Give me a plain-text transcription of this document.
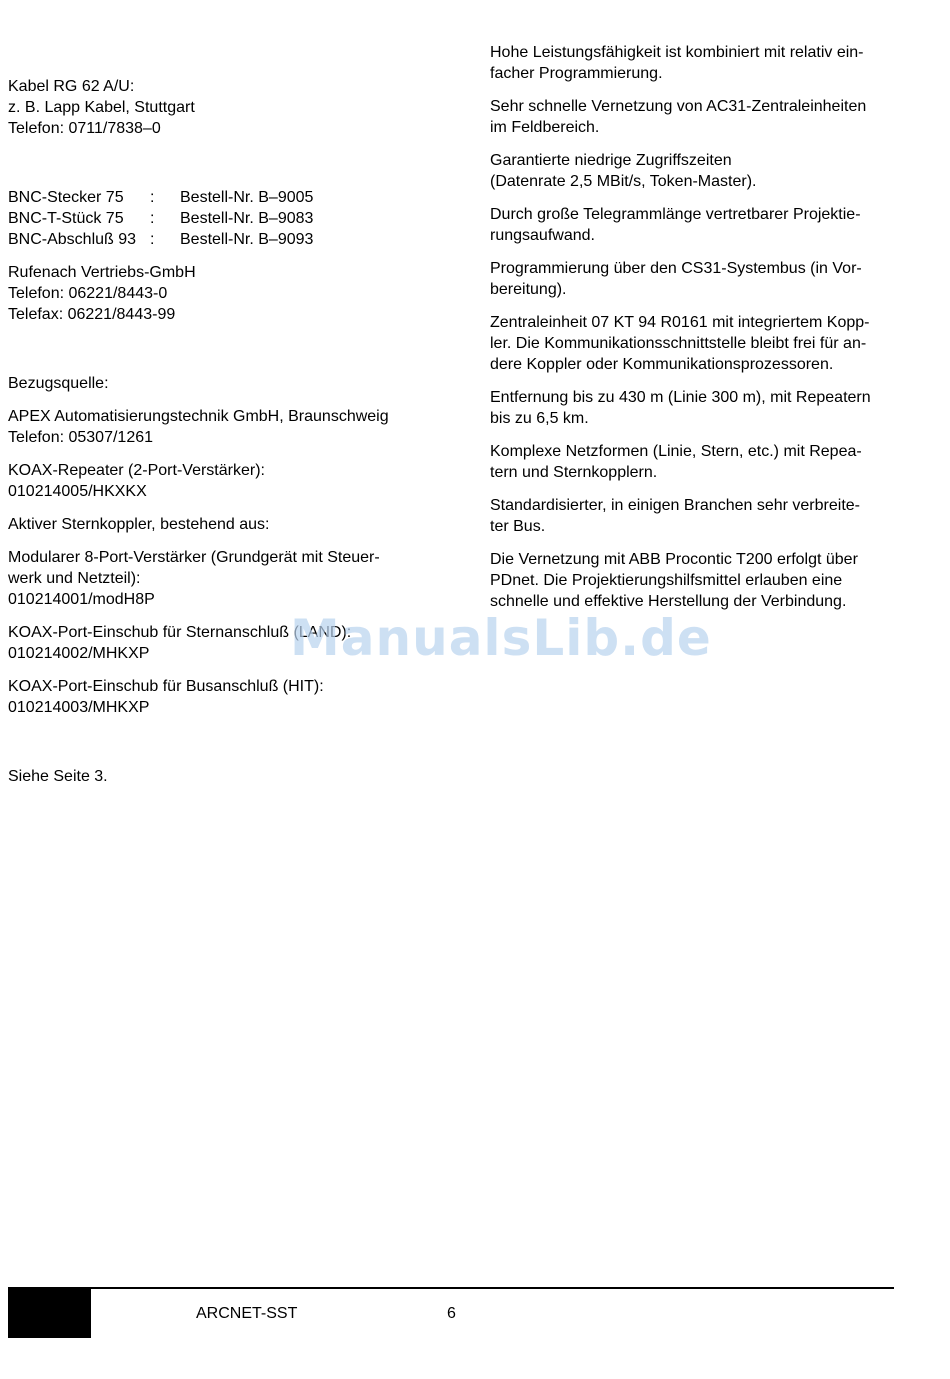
Kabel RG 62 A/U:
z. B. Lapp Kabel, Stuttgart
Telefon: 0711/7838–0
BNC-Stecker 75	:	Bestell-Nr. B–9005
BNC-T-Stück 75	:	Bestell-Nr. B–9083
BNC-Abschluß 93 :	Bestell-Nr. B–9093
Rufenach Vertriebs-GmbH
Telefon: 06221/8443-0
Telefax: 06221/8443-99
Bezugsquelle:
APEX Automatisierungstechnik GmbH, Braunschweig
Telefon: 05307/1261
KOAX-Repeater (2-Port-Verstärker):
010214005/HKXKX
Aktiver Sternkoppler, bestehend aus:
Modularer 8-Port-Verstärker (Grundgerät mit Steuer-
werk und Netzteil):
010214001/modH8P
KOAX-Port-Einschub für Sternanschluß (LAND):
010214002/MHKXP
KOAX-Port-Einschub für Busanschluß (HIT):
010214003/MHKXP
Siehe Seite 3.
Hohe Leistungsfähigkeit ist kombiniert mit relativ ein-
facher Programmierung.
Sehr schnelle Vernetzung von AC31-Zentraleinheiten
im Feldbereich.
Garantierte niedrige Zugriffszeiten
(Datenrate 2,5 MBit/s, Token-Master).
Durch große Telegrammlänge vertretbarer Projektie-
rungsaufwand.
Programmierung über den CS31-Systembus (in Vor-
bereitung).
Zentraleinheit 07 KT 94 R0161 mit integriertem Kopp-
ler. Die Kommunikationsschnittstelle bleibt frei für an-
dere Koppler oder Kommunikationsprozessoren.
Entfernung bis zu 430 m (Linie 300 m), mit Repeatern
bis zu 6,5 km.
Komplexe Netzformen (Linie, Stern, etc.) mit Repea-
tern und Sternkopplern.
Standardisierter, in einigen Branchen sehr verbreite-
ter Bus.
Die Vernetzung mit ABB Procontic T200 erfolgt über
PDnet. Die Projektierungshilfsmittel erlauben eine
schnelle und effektive Herstellung der Verbindung.
ManualsLib.de
ARCNET-SST	6
